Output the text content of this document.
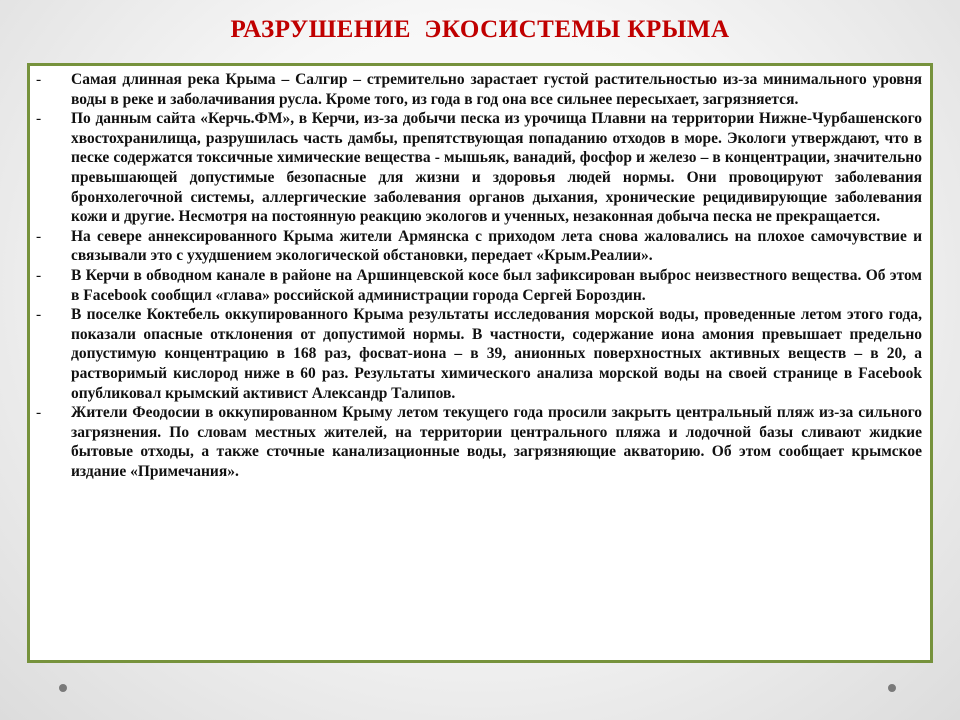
РАЗРУШЕНИЕ  ЭКОСИСТЕМЫ КРЫМА
-	Самая длинная река Крыма – Салгир – стремительно зарастает густой растительностью из-за минимального уровня воды в реке и заболачивания русла. Кроме того, из года в год она все сильнее пересыхает, загрязняется.
-	По данным сайта «Керчь.ФМ», в Керчи, из-за добычи песка из урочища Плавни на территории Нижне-Чурбашенского хвостохранилища, разрушилась часть дамбы, препятствующая попаданию отходов в море. Экологи утверждают, что в песке содержатся токсичные химические вещества - мышьяк, ванадий, фосфор и железо – в концентрации, значительно превышающей допустимые безопасные для жизни и здоровья людей нормы. Они провоцируют заболевания бронхолегочной системы, аллергические заболевания органов дыхания, хронические рецидивирующие заболевания кожи и другие. Несмотря на постоянную реакцию экологов и ученных, незаконная добыча песка не прекращается.
-	На севере аннексированного Крыма жители Армянска с приходом лета снова жаловались на плохое самочувствие и связывали это с ухудшением экологической обстановки, передает «Крым.Реалии».
-	В Керчи в обводном канале в районе на Аршинцевской косе был зафиксирован выброс неизвестного вещества. Об этом в Facebook сообщил «глава» российской администрации города Сергей Бороздин.
-	В поселке Коктебель оккупированного Крыма результаты исследования морской воды, проведенные летом этого года, показали опасные отклонения от допустимой нормы. В частности, содержание иона амония превышает предельно допустимую концентрацию в 168 раз, фосват-иона – в 39, анионных поверхностных активных веществ – в 20, а растворимый кислород ниже в 60 раз. Результаты химического анализа морской воды на своей странице в Facebook опубликовал крымский активист Александр Талипов.
-	Жители Феодосии в оккупированном Крыму летом текущего года просили закрыть центральный пляж из-за сильного загрязнения. По словам местных жителей, на территории центрального пляжа и лодочной базы сливают жидкие бытовые отходы, а также сточные канализационные воды, загрязняющие акваторию. Об этом сообщает крымское издание «Примечания».
